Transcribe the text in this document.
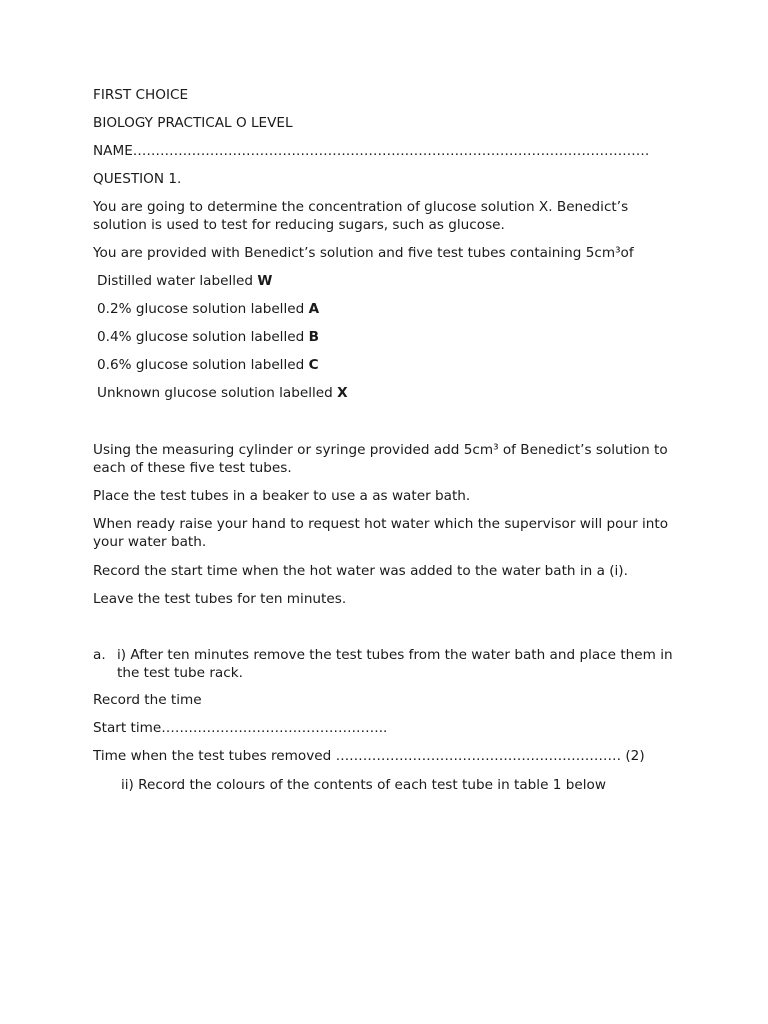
FIRST CHOICE
BIOLOGY PRACTICAL O LEVEL
NAME……………………………………………………………………………………………………
QUESTION 1.
You are going to determine the concentration of glucose solution X. Benedict’s solution is used to test for reducing sugars, such as glucose.
You are provided with Benedict’s solution and five test tubes containing 5cm³of
Distilled water labelled W
0.2% glucose solution labelled A
0.4% glucose solution labelled B
0.6% glucose solution labelled C
Unknown glucose solution labelled X
Using the measuring cylinder or syringe provided add 5cm³ of Benedict’s solution to each of these five test tubes.
Place the test tubes in a beaker to use a as water bath.
When ready raise your hand to request hot water which the supervisor will pour into your water bath.
Record the start time when the hot water was added to the water bath in a (i).
Leave the test tubes for ten minutes.
a. i) After ten minutes remove the test tubes from the water bath and place them in the test tube rack.
Record the time
Start time…………………………………………..
Time when the test tubes removed ……………………………………………………… (2)
ii) Record the colours of the contents of each test tube in table 1 below
